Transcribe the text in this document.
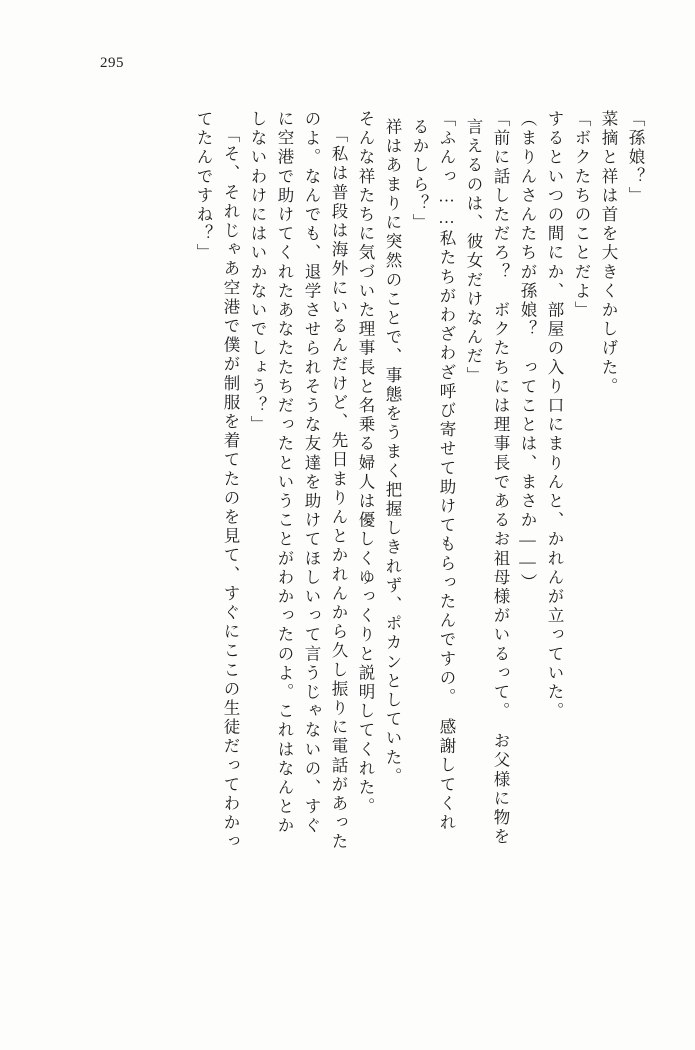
295
「孫娘？」
菜摘と祥は首を大きくかしげた。
「ボクたちのことだよ」
するといつの間にか、部屋の入り口にまりんと、かれんが立っていた。
（まりんさんたちが孫娘？　ってことは、まさか――）
「前に話しただろ？　ボクたちには理事長であるお祖母様がいるって。　お父様に物を
言えるのは、彼女だけなんだ」
「ふんっ……私たちがわざわざ呼び寄せて助けてもらったんですの。　感謝してくれ
るかしら？」
祥はあまりに突然のことで、事態をうまく把握しきれず、ポカンとしていた。
そんな祥たちに気づいた理事長と名乗る婦人は優しくゆっくりと説明してくれた。
「私は普段は海外にいるんだけど、先日まりんとかれんから久し振りに電話があった
のよ。なんでも、退学させられそうな友達を助けてほしいって言うじゃないの、すぐ
に空港で助けてくれたあなたたちだったということがわかったのよ。これはなんとか
しないわけにはいかないでしょう？」
「そ、それじゃあ空港で僕が制服を着てたのを見て、すぐにここの生徒だってわかっ
てたんですね？」
